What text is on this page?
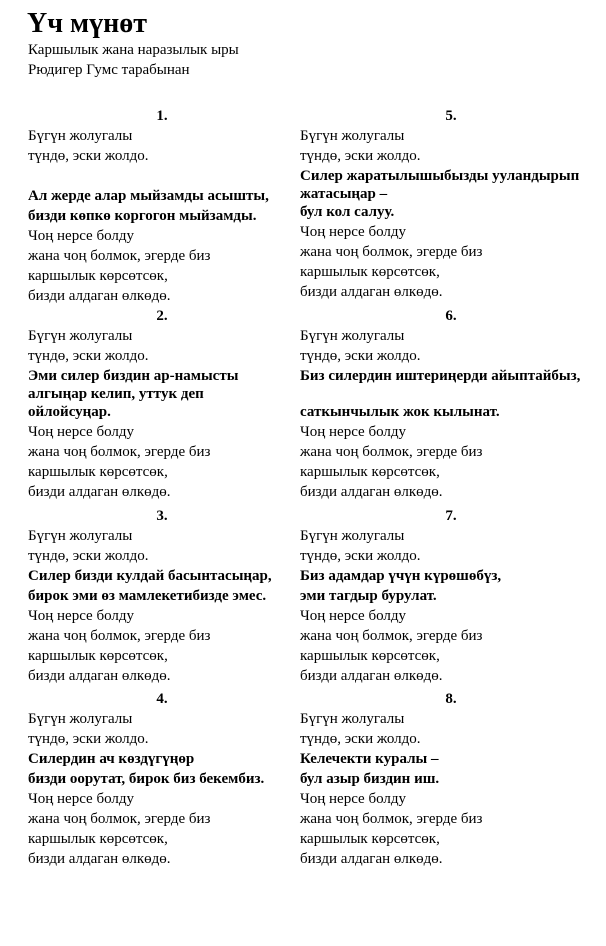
Үч мүнөт
Каршылык жана наразылык ыры
Рюдигер Гумс тарабынан
1.
Бүгүн жолугалы
түндө, эски жолдо.
Ал жерде алар мыйзамды асышты,
бизди көпкө коргогон мыйзамды.
Чоң нерсе болду
жана чоң болмок, эгерде биз
каршылык көрсөтсөк,
бизди алдаган өлкөдө.
2.
Бүгүн жолугалы
түндө, эски жолдо.
Эми силер биздин ар-намысты
алгыңар келип, уттук деп
ойлойсуңар.
Чоң нерсе болду
жана чоң болмок, эгерде биз
каршылык көрсөтсөк,
бизди алдаган өлкөдө.
3.
Бүгүн жолугалы
түндө, эски жолдо.
Силер бизди кулдай басынтасыңар,
бирок эми өз мамлекетибизде эмес.
Чоң нерсе болду
жана чоң болмок, эгерде биз
каршылык көрсөтсөк,
бизди алдаган өлкөдө.
4.
Бүгүн жолугалы
түндө, эски жолдо.
Силердин ач көздүгүңөр
бизди оорутат, бирок биз бекембиз.
Чоң нерсе болду
жана чоң болмок, эгерде биз
каршылык көрсөтсөк,
бизди алдаган өлкөдө.
5.
Бүгүн жолугалы
түндө, эски жолдо.
Силер жаратылышыбызды ууландырып
жатасыңар –
бул кол салуу.
Чоң нерсе болду
жана чоң болмок, эгерде биз
каршылык көрсөтсөк,
бизди алдаган өлкөдө.
6.
Бүгүн жолугалы
түндө, эски жолдо.
Биз силердин иштериңерди айыптайбыз,
саткынчылык жок кылынат.
Чоң нерсе болду
жана чоң болмок, эгерде биз
каршылык көрсөтсөк,
бизди алдаган өлкөдө.
7.
Бүгүн жолугалы
түндө, эски жолдо.
Биз адамдар үчүн күрөшөбүз,
эми тагдыр бурулат.
Чоң нерсе болду
жана чоң болмок, эгерде биз
каршылык көрсөтсөк,
бизди алдаган өлкөдө.
8.
Бүгүн жолугалы
түндө, эски жолдо.
Келечекти куралы –
бул азыр биздин иш.
Чоң нерсе болду
жана чоң болмок, эгерде биз
каршылык көрсөтсөк,
бизди алдаган өлкөдө.
